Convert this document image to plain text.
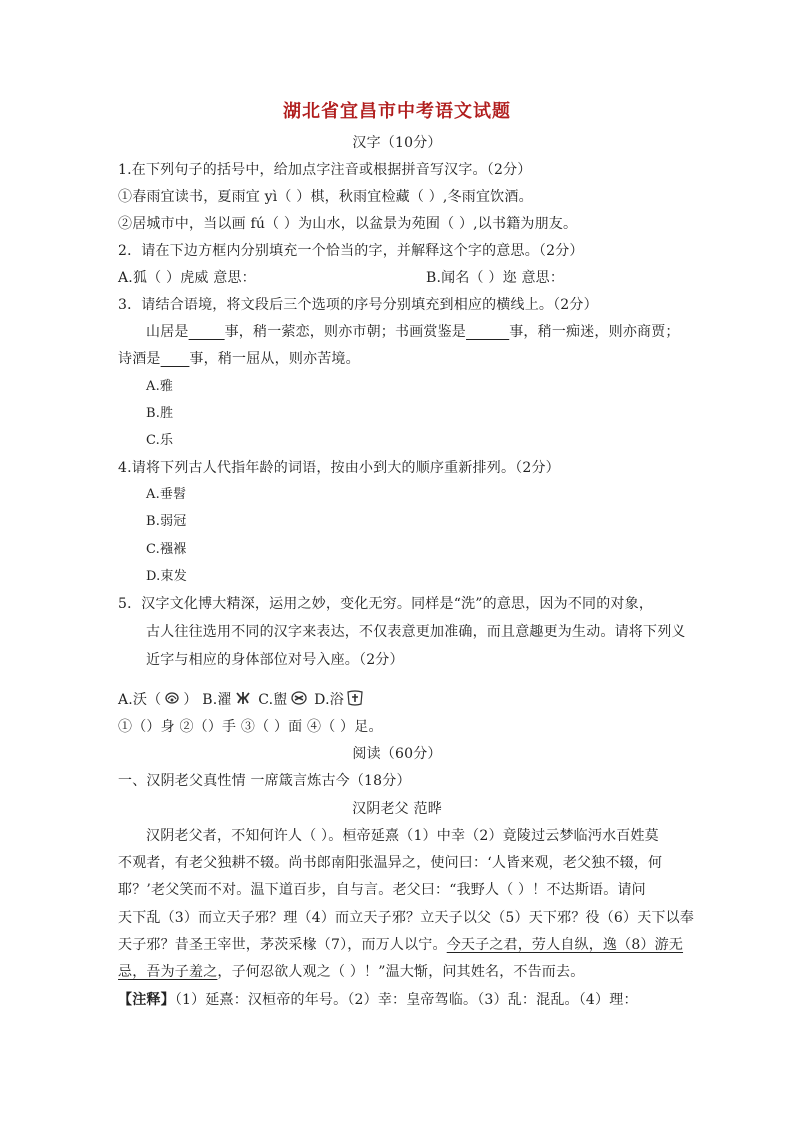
湖北省宜昌市中考语文试题
汉字（10分）
1.在下列句子的括号中，给加点字注音或根据拼音写汉字。（2分）
①春雨宜读书，夏雨宜 yì（ ）棋，秋雨宜检藏（ ）,冬雨宜饮酒。
②居城市中，当以画 fú（ ）为山水，以盆景为苑囿（ ）,以书籍为朋友。
2．请在下边方框内分别填充一个恰当的字，并解释这个字的意思。（2分）
A.狐（ ）虎威 意思：	B.闻名（ ）迩 意思：
3．请结合语境，将文段后三个选项的序号分别填充到相应的横线上。（2分）
山居是     	事，稍一萦恋，则亦市朝；书画赏鉴是      	事，稍一痴迷，则亦商贾；
诗酒是     事，稍一屈从，则亦苦境。
A.雅
B.胜
C.乐
4.请将下列古人代指年龄的词语，按由小到大的顺序重新排列。（2分）
A.垂髫
B.弱冠
C.襁褓
D.束发
5．汉字文化博大精深，运用之妙，变化无穷。同样是“洗”的意思，因为不同的对象，
古人往往选用不同的汉字来表达，不仅表意更加准确，而且意趣更为生动。请将下列义
近字与相应的身体部位对号入座。（2分）
A.沃（ ） B.濯 C.盥 D.浴
①（）身 ②（）手 ③（ ）面 ④（ ）足。
阅读（60分）
一、汉阴老父真性情 一席箴言炼古今（18分）
汉阴老父 范晔
汉阴老父者，不知何许人（ ）。桓帝延熹（1）中幸（2）竟陵过云梦临沔水百姓莫
不观者，有老父独耕不辍。尚书郎南阳张温异之，使问曰：‘人皆来观，老父独不辍，何
耶？’老父笑而不对。温下道百步，自与言。老父曰：“我野人（ ）！不达斯语。请问
天下乱（3）而立天子邪？理（4）而立天子邪？立天子以父（5）天下邪？役（6）天下以奉
天子邪？昔圣王宰世，茅茨采椽（7），而万人以宁。今天子之君，劳人自纵，逸（8）游无
忌，吾为子羞之，子何忍欲人观之（ ）！”温大惭，问其姓名，不告而去。
【注释】（1）延熹：汉桓帝的年号。（2）幸：皇帝驾临。（3）乱：混乱。（4）理：
